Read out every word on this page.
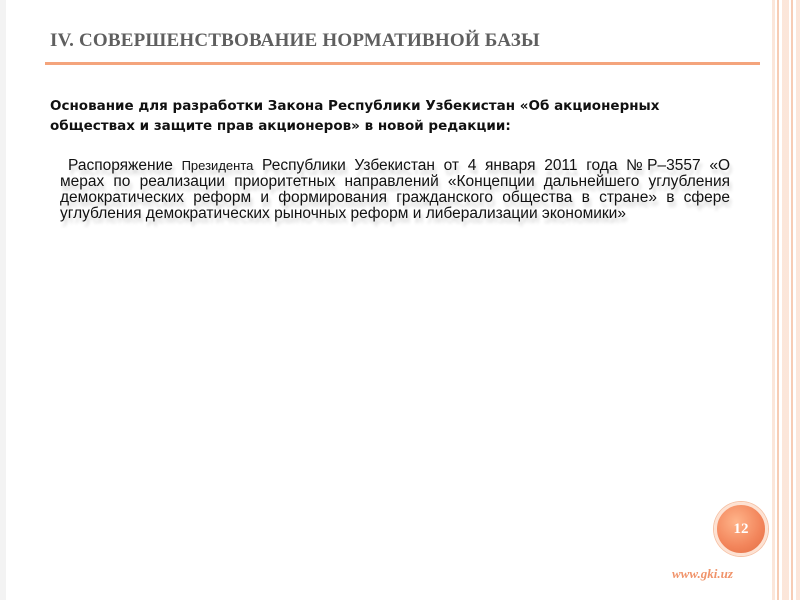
IV. СОВЕРШЕНСТВОВАНИЕ НОРМАТИВНОЙ БАЗЫ

Основание для разработки Закона Республики Узбекистан «Об акционерных обществах и защите прав акционеров» в новой редакции:

Распоряжение Президента Республики Узбекистан от 4 января 2011 года №Р–3557 «О мерах по реализации приоритетных направлений «Концепции дальнейшего углубления демократических реформ и формирования гражданского общества в стране» в сфере углубления демократических рыночных реформ и либерализации экономики»

12
www.gki.uz
